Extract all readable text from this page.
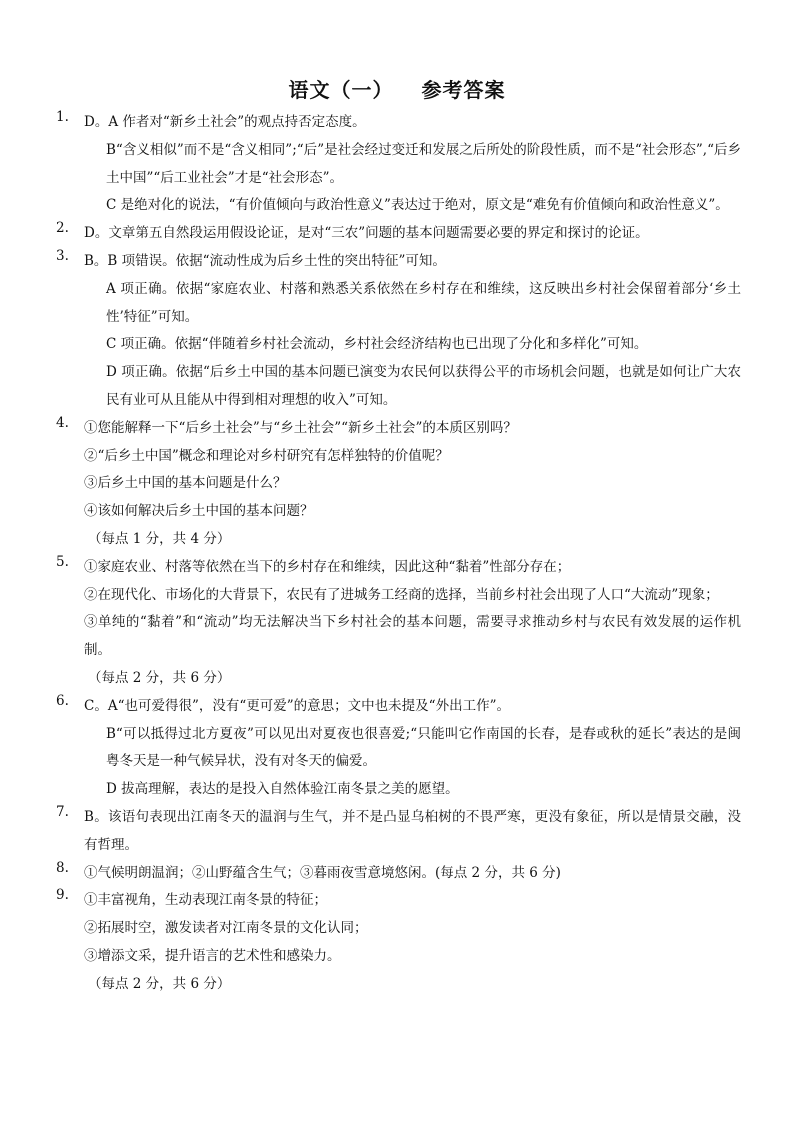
语文（一） 参考答案
1.	D。A 作者对“新乡土社会”的观点持否定态度。
B“含义相似”而不是“含义相同”;“后”是社会经过变迁和发展之后所处的阶段性质，而不是“社会形态”,“后乡土中国”“后工业社会”才是“社会形态”。
C 是绝对化的说法，“有价值倾向与政治性意义”表达过于绝对，原文是“难免有价值倾向和政治性意义”。
2.	D。文章第五自然段运用假设论证，是对“三农”问题的基本问题需要必要的界定和探讨的论证。
3.	B。B 项错误。依据“流动性成为后乡土性的突出特征”可知。
A 项正确。依据“家庭农业、村落和熟悉关系依然在乡村存在和维续，这反映出乡村社会保留着部分‘乡土性’特征”可知。
C 项正确。依据“伴随着乡村社会流动，乡村社会经济结构也已出现了分化和多样化”可知。
D 项正确。依据“后乡土中国的基本问题已演变为农民何以获得公平的市场机会问题，也就是如何让广大农民有业可从且能从中得到相对理想的收入”可知。
4.	①您能解释一下“后乡土社会”与“乡土社会”“新乡土社会”的本质区别吗？
②“后乡土中国”概念和理论对乡村研究有怎样独特的价值呢？
③后乡土中国的基本问题是什么？
④该如何解决后乡土中国的基本问题？
（每点 1 分，共 4 分）
5.	①家庭农业、村落等依然在当下的乡村存在和维续，因此这种“黏着”性部分存在；
②在现代化、市场化的大背景下，农民有了进城务工经商的选择，当前乡村社会出现了人口“大流动”现象；
③单纯的“黏着”和“流动”均无法解决当下乡村社会的基本问题，需要寻求推动乡村与农民有效发展的运作机制。
（每点 2 分，共 6 分）
6.	C。A“也可爱得很”，没有“更可爱”的意思；文中也未提及“外出工作”。
B“可以抵得过北方夏夜”可以见出对夏夜也很喜爱;“只能叫它作南国的长春，是春或秋的延长”表达的是闽粤冬天是一种气候异状，没有对冬天的偏爱。
D 拔高理解，表达的是投入自然体验江南冬景之美的愿望。
7.	B。该语句表现出江南冬天的温润与生气，并不是凸显乌桕树的不畏严寒，更没有象征，所以是情景交融，没有哲理。
8.	①气候明朗温润；②山野蕴含生气；③暮雨夜雪意境悠闲。(每点 2 分，共 6 分)
9.	①丰富视角，生动表现江南冬景的特征；
②拓展时空，激发读者对江南冬景的文化认同；
③增添文采，提升语言的艺术性和感染力。
（每点 2 分，共 6 分）
